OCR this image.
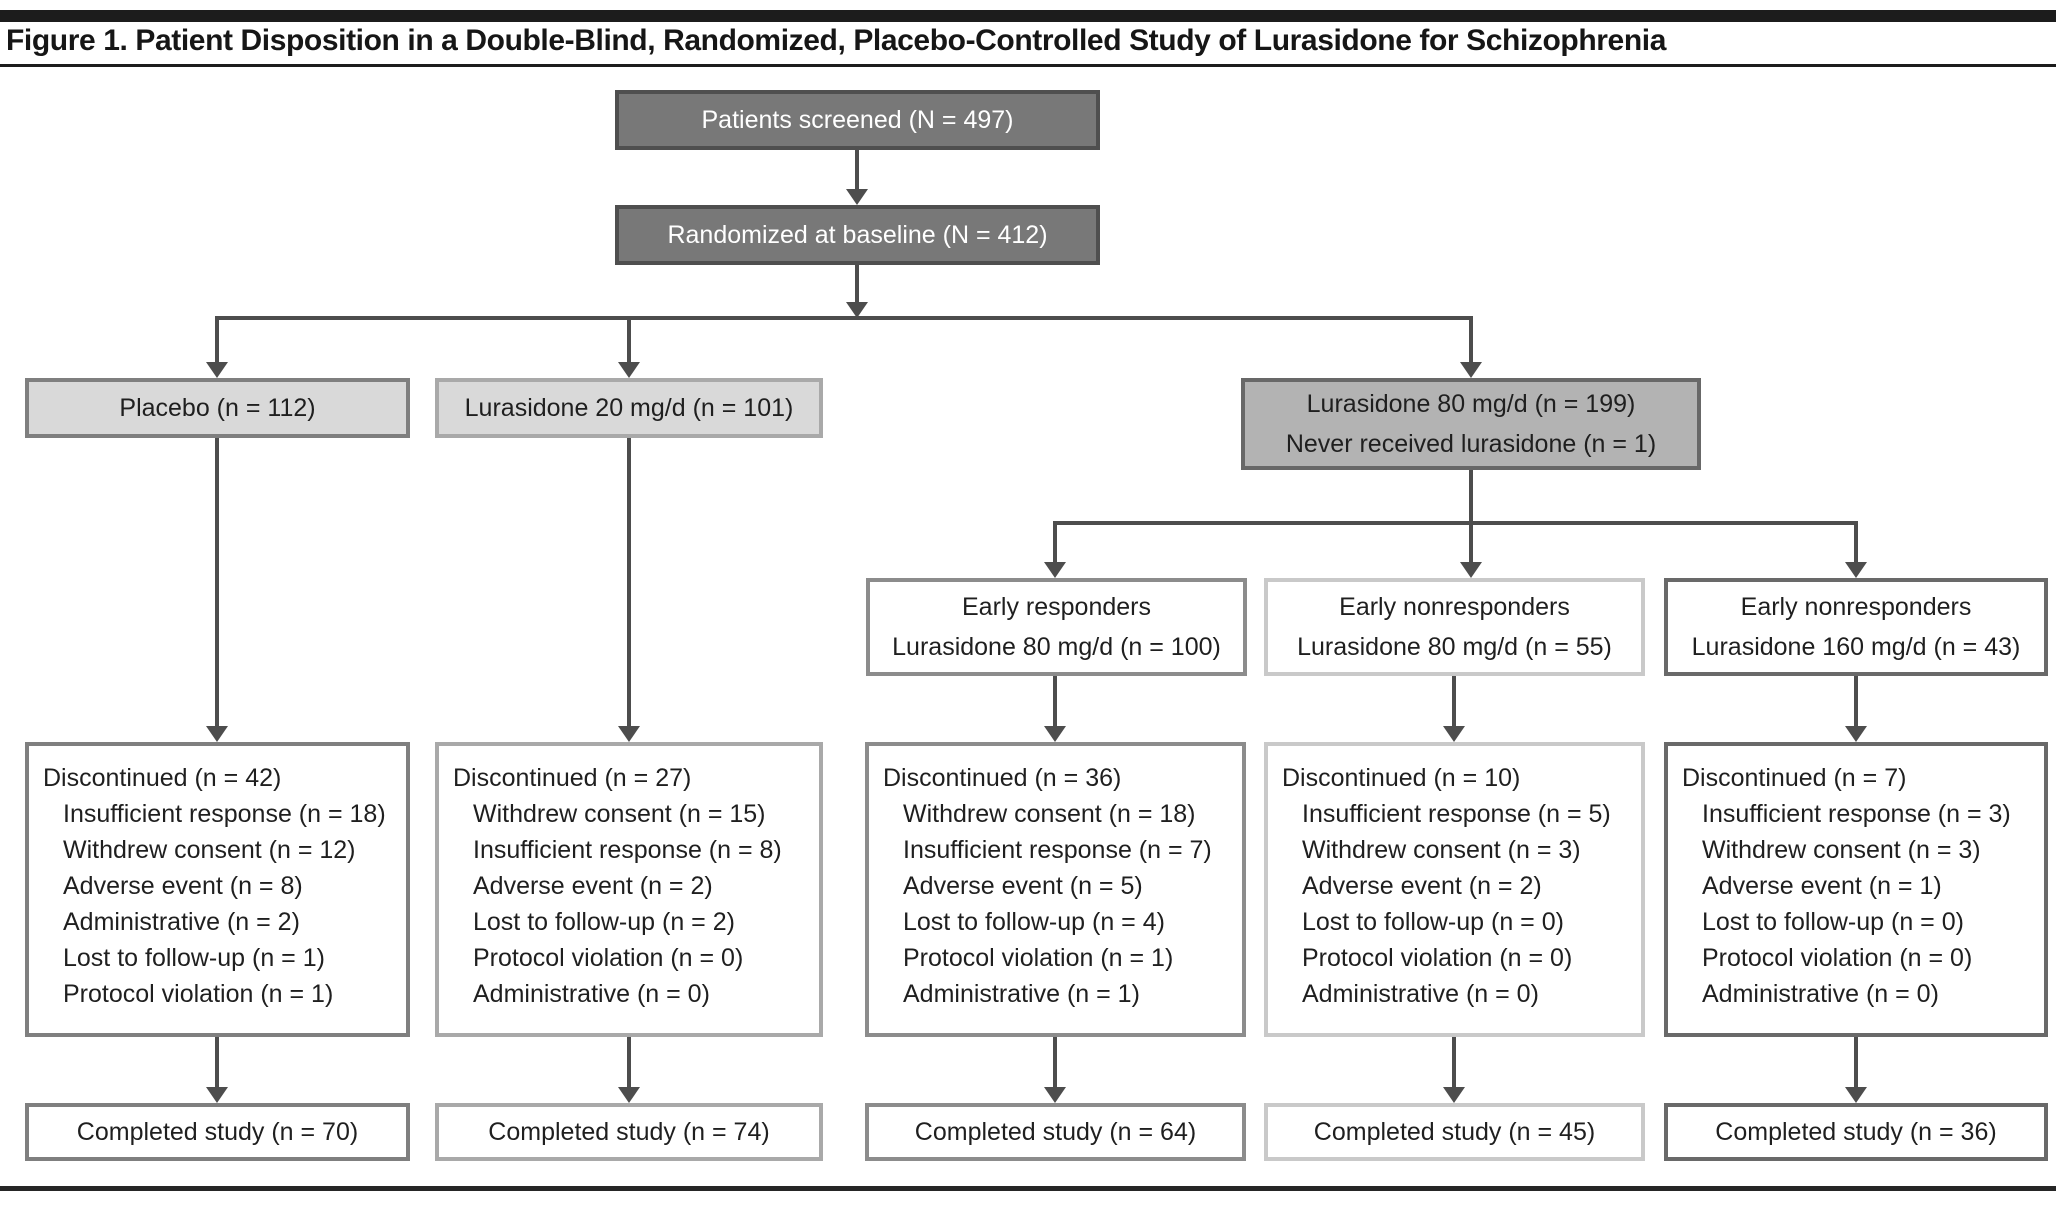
Figure 1. Patient Disposition in a Double-Blind, Randomized, Placebo-Controlled Study of Lurasidone for Schizophrenia
Patients screened (N = 497)
Randomized at baseline (N = 412)
Placebo (n = 112)	Lurasidone 20 mg/d (n = 101)	Lurasidone 80 mg/d (n = 199)
Never received lurasidone (n = 1)
Early responders
Lurasidone 80 mg/d (n = 100)
Early nonresponders
Lurasidone 80 mg/d (n = 55)
Early nonresponders
Lurasidone 160 mg/d (n = 43)
Discontinued (n = 42)
Insufficient response (n = 18)
Withdrew consent (n = 12)
Adverse event (n = 8)
Administrative (n = 2)
Lost to follow-up (n = 1)
Protocol violation (n = 1)
Discontinued (n = 27)
Withdrew consent (n = 15)
Insufficient response (n = 8)
Adverse event (n = 2)
Lost to follow-up (n = 2)
Protocol violation (n = 0)
Administrative (n = 0)
Discontinued (n = 36)
Withdrew consent (n = 18)
Insufficient response (n = 7)
Adverse event (n = 5)
Lost to follow-up (n = 4)
Protocol violation (n = 1)
Administrative (n = 1)
Discontinued (n = 10)
Insufficient response (n = 5)
Withdrew consent (n = 3)
Adverse event (n = 2)
Lost to follow-up (n = 0)
Protocol violation (n = 0)
Administrative (n = 0)
Discontinued (n = 7)
Insufficient response (n = 3)
Withdrew consent (n = 3)
Adverse event (n = 1)
Lost to follow-up (n = 0)
Protocol violation (n = 0)
Administrative (n = 0)
Completed study (n = 70)	Completed study (n = 74)	Completed study (n = 64)	Completed study (n = 45)	Completed study (n = 36)
